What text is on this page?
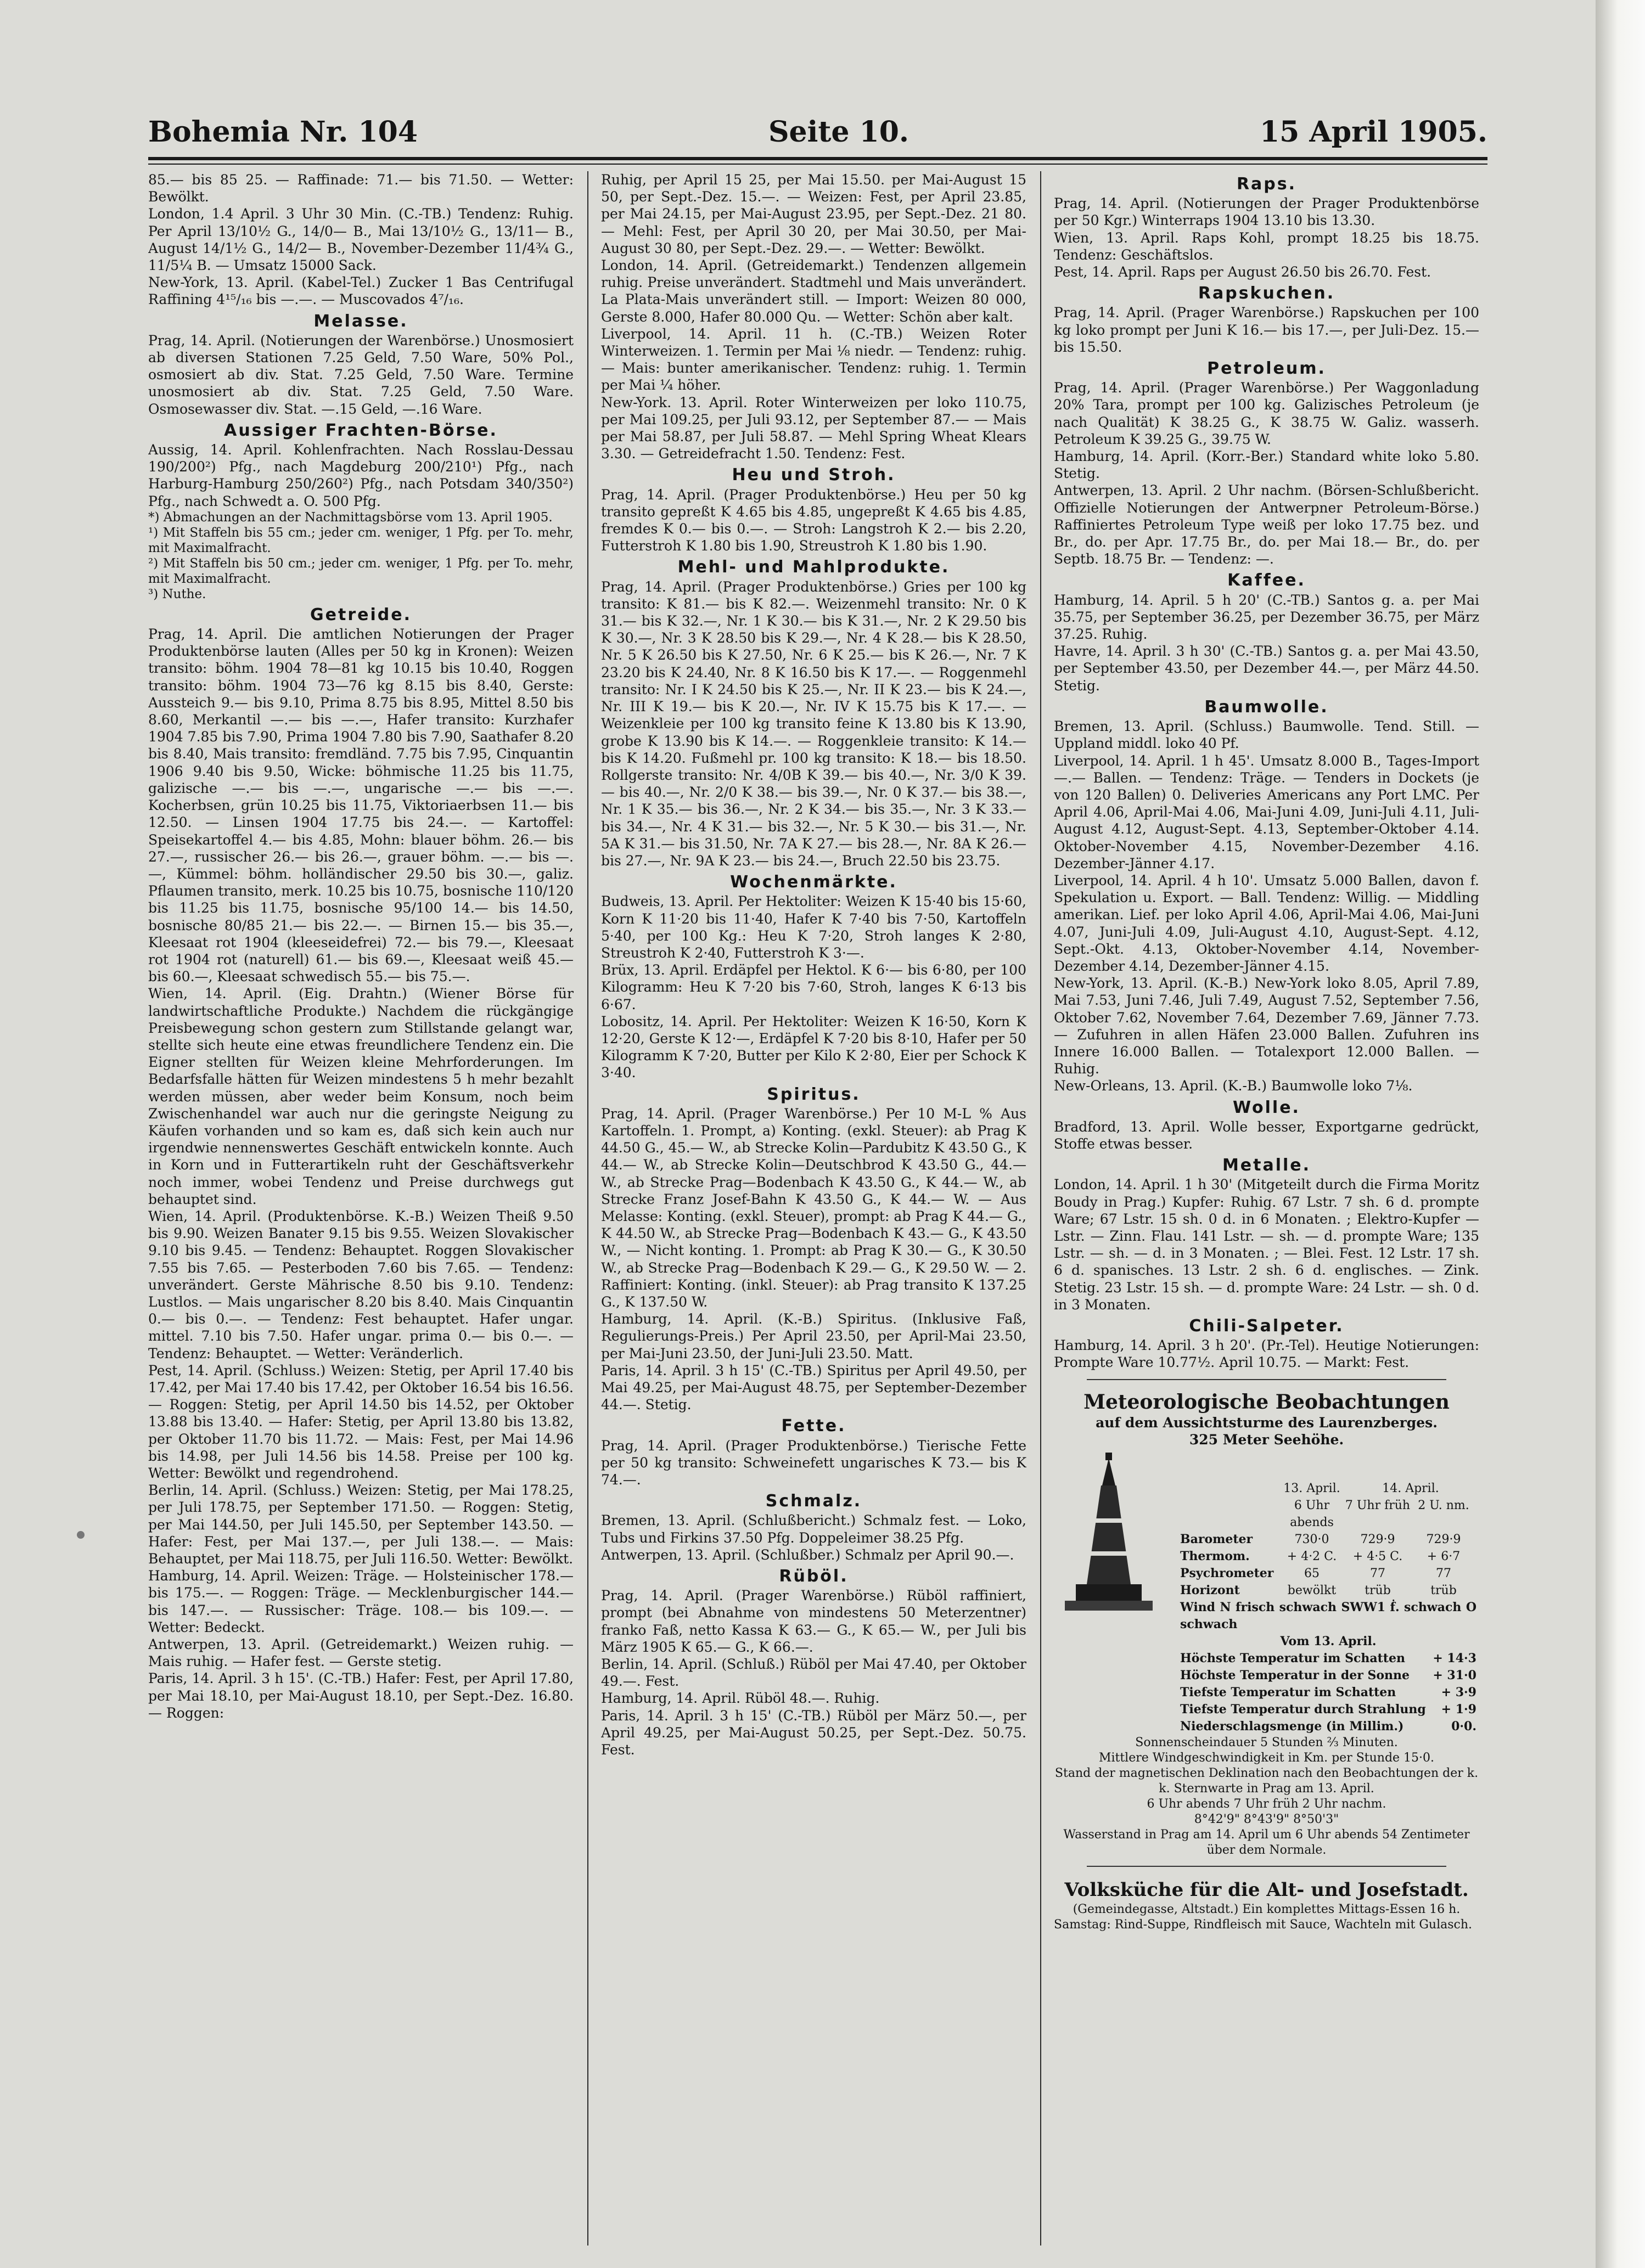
Bohemia Nr. 104	Seite 10.	15 April 1905.

85.— bis 85 25. — Raffinade: 71.— bis 71.50. — Wetter: Bewölkt.

London, 1.4 April. 3 Uhr 30 Min. (C.-TB.) Tendenz: Ruhig. Per April 13/10½ G., 14/0— B., Mai 13/10½ G., 13/11— B., August 14/1½ G., 14/2— B., November-Dezember 11/4¾ G., 11/5¼ B. — Umsatz 15000 Sack.

New-York, 13. April. (Kabel-Tel.) Zucker 1 Bas Centrifugal Raffining 4¹⁵/₁₆ bis —.—. — Muscovados 4⁷/₁₆.

Melasse.

Prag, 14. April. (Notierungen der Warenbörse.) Unosmosiert ab diversen Stationen 7.25 Geld, 7.50 Ware, 50% Pol., osmosiert ab div. Stat. 7.25 Geld, 7.50 Ware. Termine unosmosiert ab div. Stat. 7.25 Geld, 7.50 Ware. Osmosewasser div. Stat. —.15 Geld, —.16 Ware.

Aussiger Frachten-Börse.

Aussig, 14. April. Kohlenfrachten. Nach Rosslau-Dessau 190/200²) Pfg., nach Magdeburg 200/210¹) Pfg., nach Harburg-Hamburg 250/260²) Pfg., nach Potsdam 340/350²) Pfg., nach Schwedt a. O. 500 Pfg.

*) Abmachungen an der Nachmittagsbörse vom 13. April 1905.

¹) Mit Staffeln bis 55 cm.; jeder cm. weniger, 1 Pfg. per To. mehr, mit Maximalfracht.

²) Mit Staffeln bis 50 cm.; jeder cm. weniger, 1 Pfg. per To. mehr, mit Maximalfracht.

³) Nuthe.

Getreide.

Prag, 14. April. Die amtlichen Notierungen der Prager Produktenbörse lauten (Alles per 50 kg in Kronen): Weizen transito: böhm. 1904 78—81 kg 10.15 bis 10.40, Roggen transito: böhm. 1904 73—76 kg 8.15 bis 8.40, Gerste: Aussteich 9.— bis 9.10, Prima 8.75 bis 8.95, Mittel 8.50 bis 8.60, Merkantil —.— bis —.—, Hafer transito: Kurzhafer 1904 7.85 bis 7.90, Prima 1904 7.80 bis 7.90, Saathafer 8.20 bis 8.40, Mais transito: fremdländ. 7.75 bis 7.95, Cinquantin 1906 9.40 bis 9.50, Wicke: böhmische 11.25 bis 11.75, galizische —.— bis —.—, ungarische —.— bis —.—. Kocherbsen, grün 10.25 bis 11.75, Viktoriaerbsen 11.— bis 12.50. — Linsen 1904 17.75 bis 24.—. — Kartoffel: Speisekartoffel 4.— bis 4.85, Mohn: blauer böhm. 26.— bis 27.—, russischer 26.— bis 26.—, grauer böhm. —.— bis —.—, Kümmel: böhm. holländischer 29.50 bis 30.—, galiz. Pflaumen transito, merk. 10.25 bis 10.75, bosnische 110/120 bis 11.25 bis 11.75, bosnische 95/100 14.— bis 14.50, bosnische 80/85 21.— bis 22.—. — Birnen 15.— bis 35.—, Kleesaat rot 1904 (kleeseidefrei) 72.— bis 79.—, Kleesaat rot 1904 rot (naturell) 61.— bis 69.—, Kleesaat weiß 45.— bis 60.—, Kleesaat schwedisch 55.— bis 75.—.

Wien, 14. April. (Eig. Drahtn.) (Wiener Börse für landwirtschaftliche Produkte.) Nachdem die rückgängige Preisbewegung schon gestern zum Stillstande gelangt war, stellte sich heute eine etwas freundlichere Tendenz ein. Die Eigner stellten für Weizen kleine Mehrforderungen. Im Bedarfsfalle hätten für Weizen mindestens 5 h mehr bezahlt werden müssen, aber weder beim Konsum, noch beim Zwischenhandel war auch nur die geringste Neigung zu Käufen vorhanden und so kam es, daß sich kein auch nur irgendwie nennenswertes Geschäft entwickeln konnte. Auch in Korn und in Futterartikeln ruht der Geschäftsverkehr noch immer, wobei Tendenz und Preise durchwegs gut behauptet sind.

Wien, 14. April. (Produktenbörse. K.-B.) Weizen Theiß 9.50 bis 9.90. Weizen Banater 9.15 bis 9.55. Weizen Slovakischer 9.10 bis 9.45. — Tendenz: Behauptet. Roggen Slovakischer 7.55 bis 7.65. — Pesterboden 7.60 bis 7.65. — Tendenz: unverändert. Gerste Mährische 8.50 bis 9.10. Tendenz: Lustlos. — Mais ungarischer 8.20 bis 8.40. Mais Cinquantin 0.— bis 0.—. — Tendenz: Fest behauptet. Hafer ungar. mittel. 7.10 bis 7.50. Hafer ungar. prima 0.— bis 0.—. — Tendenz: Behauptet. — Wetter: Veränderlich.

Pest, 14. April. (Schluss.) Weizen: Stetig, per April 17.40 bis 17.42, per Mai 17.40 bis 17.42, per Oktober 16.54 bis 16.56. — Roggen: Stetig, per April 14.50 bis 14.52, per Oktober 13.88 bis 13.40. — Hafer: Stetig, per April 13.80 bis 13.82, per Oktober 11.70 bis 11.72. — Mais: Fest, per Mai 14.96 bis 14.98, per Juli 14.56 bis 14.58. Preise per 100 kg. Wetter: Bewölkt und regendrohend.

Berlin, 14. April. (Schluss.) Weizen: Stetig, per Mai 178.25, per Juli 178.75, per September 171.50. — Roggen: Stetig, per Mai 144.50, per Juli 145.50, per September 143.50. — Hafer: Fest, per Mai 137.—, per Juli 138.—. — Mais: Behauptet, per Mai 118.75, per Juli 116.50. Wetter: Bewölkt.

Hamburg, 14. April. Weizen: Träge. — Holsteinischer 178.— bis 175.—. — Roggen: Träge. — Mecklenburgischer 144.— bis 147.—. — Russischer: Träge. 108.— bis 109.—. — Wetter: Bedeckt.

Antwerpen, 13. April. (Getreidemarkt.) Weizen ruhig. — Mais ruhig. — Hafer fest. — Gerste stetig.

Paris, 14. April. 3 h 15'. (C.-TB.) Hafer: Fest, per April 17.80, per Mai 18.10, per Mai-August 18.10, per Sept.-Dez. 16.80. — Roggen:

Ruhig, per April 15 25, per Mai 15.50. per Mai-August 15 50, per Sept.-Dez. 15.—. — Weizen: Fest, per April 23.85, per Mai 24.15, per Mai-August 23.95, per Sept.-Dez. 21 80. — Mehl: Fest, per April 30 20, per Mai 30.50, per Mai-August 30 80, per Sept.-Dez. 29.—. — Wetter: Bewölkt.

London, 14. April. (Getreidemarkt.) Tendenzen allgemein ruhig. Preise unverändert. Stadtmehl und Mais unverändert. La Plata-Mais unverändert still. — Import: Weizen 80 000, Gerste 8.000, Hafer 80.000 Qu. — Wetter: Schön aber kalt.

Liverpool, 14. April. 11 h. (C.-TB.) Weizen Roter Winterweizen. 1. Termin per Mai ⅛ niedr. — Tendenz: ruhig. — Mais: bunter amerikanischer. Tendenz: ruhig. 1. Termin per Mai ¼ höher.

New-York. 13. April. Roter Winterweizen per loko 110.75, per Mai 109.25, per Juli 93.12, per September 87.— — Mais per Mai 58.87, per Juli 58.87. — Mehl Spring Wheat Klears 3.30. — Getreidefracht 1.50. Tendenz: Fest.

Heu und Stroh.

Prag, 14. April. (Prager Produktenbörse.) Heu per 50 kg transito gepreßt K 4.65 bis 4.85, ungepreßt K 4.65 bis 4.85, fremdes K 0.— bis 0.—. — Stroh: Langstroh K 2.— bis 2.20, Futterstroh K 1.80 bis 1.90, Streustroh K 1.80 bis 1.90.

Mehl- und Mahlprodukte.

Prag, 14. April. (Prager Produktenbörse.) Gries per 100 kg transito: K 81.— bis K 82.—. Weizenmehl transito: Nr. 0 K 31.— bis K 32.—, Nr. 1 K 30.— bis K 31.—, Nr. 2 K 29.50 bis K 30.—, Nr. 3 K 28.50 bis K 29.—, Nr. 4 K 28.— bis K 28.50, Nr. 5 K 26.50 bis K 27.50, Nr. 6 K 25.— bis K 26.—, Nr. 7 K 23.20 bis K 24.40, Nr. 8 K 16.50 bis K 17.—. — Roggenmehl transito: Nr. I K 24.50 bis K 25.—, Nr. II K 23.— bis K 24.—, Nr. III K 19.— bis K 20.—, Nr. IV K 15.75 bis K 17.—. — Weizenkleie per 100 kg transito feine K 13.80 bis K 13.90, grobe K 13.90 bis K 14.—. — Roggenkleie transito: K 14.— bis K 14.20. Fußmehl pr. 100 kg transito: K 18.— bis 18.50. Rollgerste transito: Nr. 4/0B K 39.— bis 40.—, Nr. 3/0 K 39.— bis 40.—, Nr. 2/0 K 38.— bis 39.—, Nr. 0 K 37.— bis 38.—, Nr. 1 K 35.— bis 36.—, Nr. 2 K 34.— bis 35.—, Nr. 3 K 33.— bis 34.—, Nr. 4 K 31.— bis 32.—, Nr. 5 K 30.— bis 31.—, Nr. 5A K 31.— bis 31.50, Nr. 7A K 27.— bis 28.—, Nr. 8A K 26.— bis 27.—, Nr. 9A K 23.— bis 24.—, Bruch 22.50 bis 23.75.

Wochenmärkte.

Budweis, 13. April. Per Hektoliter: Weizen K 15·40 bis 15·60, Korn K 11·20 bis 11·40, Hafer K 7·40 bis 7·50, Kartoffeln 5·40, per 100 Kg.: Heu K 7·20, Stroh langes K 2·80, Streustroh K 2·40, Futterstroh K 3·—.

Brüx, 13. April. Erdäpfel per Hektol. K 6·— bis 6·80, per 100 Kilogramm: Heu K 7·20 bis 7·60, Stroh, langes K 6·13 bis 6·67.

Lobositz, 14. April. Per Hektoliter: Weizen K 16·50, Korn K 12·20, Gerste K 12·—, Erdäpfel K 7·20 bis 8·10, Hafer per 50 Kilogramm K 7·20, Butter per Kilo K 2·80, Eier per Schock K 3·40.

Spiritus.

Prag, 14. April. (Prager Warenbörse.) Per 10 M-L % Aus Kartoffeln. 1. Prompt, a) Konting. (exkl. Steuer): ab Prag K 44.50 G., 45.— W., ab Strecke Kolin—Pardubitz K 43.50 G., K 44.— W., ab Strecke Kolin—Deutschbrod K 43.50 G., 44.— W., ab Strecke Prag—Bodenbach K 43.50 G., K 44.— W., ab Strecke Franz Josef-Bahn K 43.50 G., K 44.— W. — Aus Melasse: Konting. (exkl. Steuer), prompt: ab Prag K 44.— G., K 44.50 W., ab Strecke Prag—Bodenbach K 43.— G., K 43.50 W., — Nicht konting. 1. Prompt: ab Prag K 30.— G., K 30.50 W., ab Strecke Prag—Bodenbach K 29.— G., K 29.50 W. — 2. Raffiniert: Konting. (inkl. Steuer): ab Prag transito K 137.25 G., K 137.50 W.

Hamburg, 14. April. (K.-B.) Spiritus. (Inklusive Faß, Regulierungs-Preis.) Per April 23.50, per April-Mai 23.50, per Mai-Juni 23.50, der Juni-Juli 23.50. Matt.

Paris, 14. April. 3 h 15' (C.-TB.) Spiritus per April 49.50, per Mai 49.25, per Mai-August 48.75, per September-Dezember 44.—. Stetig.

Fette.

Prag, 14. April. (Prager Produktenbörse.) Tierische Fette per 50 kg transito: Schweinefett ungarisches K 73.— bis K 74.—.

Schmalz.

Bremen, 13. April. (Schlußbericht.) Schmalz fest. — Loko, Tubs und Firkins 37.50 Pfg. Doppeleimer 38.25 Pfg.

Antwerpen, 13. April. (Schlußber.) Schmalz per April 90.—.

Rüböl.

Prag, 14. April. (Prager Warenbörse.) Rüböl raffiniert, prompt (bei Abnahme von mindestens 50 Meterzentner) franko Faß, netto Kassa K 63.— G., K 65.— W., per Juli bis März 1905 K 65.— G., K 66.—.

Berlin, 14. April. (Schluß.) Rüböl per Mai 47.40, per Oktober 49.—. Fest.

Hamburg, 14. April. Rüböl 48.—. Ruhig.

Paris, 14. April. 3 h 15' (C.-TB.) Rüböl per März 50.—, per April 49.25, per Mai-August 50.25, per Sept.-Dez. 50.75. Fest.

Raps.

Prag, 14. April. (Notierungen der Prager Produktenbörse per 50 Kgr.) Winterraps 1904 13.10 bis 13.30.

Wien, 13. April. Raps Kohl, prompt 18.25 bis 18.75. Tendenz: Geschäftslos.

Pest, 14. April. Raps per August 26.50 bis 26.70. Fest.

Rapskuchen.

Prag, 14. April. (Prager Warenbörse.) Rapskuchen per 100 kg loko prompt per Juni K 16.— bis 17.—, per Juli-Dez. 15.— bis 15.50.

Petroleum.

Prag, 14. April. (Prager Warenbörse.) Per Waggonladung 20% Tara, prompt per 100 kg. Galizisches Petroleum (je nach Qualität) K 38.25 G., K 38.75 W. Galiz. wasserh. Petroleum K 39.25 G., 39.75 W.

Hamburg, 14. April. (Korr.-Ber.) Standard white loko 5.80. Stetig.

Antwerpen, 13. April. 2 Uhr nachm. (Börsen-Schlußbericht. Offizielle Notierungen der Antwerpner Petroleum-Börse.) Raffiniertes Petroleum Type weiß per loko 17.75 bez. und Br., do. per Apr. 17.75 Br., do. per Mai 18.— Br., do. per Septb. 18.75 Br. — Tendenz: —.

Kaffee.

Hamburg, 14. April. 5 h 20' (C.-TB.) Santos g. a. per Mai 35.75, per September 36.25, per Dezember 36.75, per März 37.25. Ruhig.

Havre, 14. April. 3 h 30' (C.-TB.) Santos g. a. per Mai 43.50, per September 43.50, per Dezember 44.—, per März 44.50. Stetig.

Baumwolle.

Bremen, 13. April. (Schluss.) Baumwolle. Tend. Still. — Uppland middl. loko 40 Pf.

Liverpool, 14. April. 1 h 45'. Umsatz 8.000 B., Tages-Import —.— Ballen. — Tendenz: Träge. — Tenders in Dockets (je von 120 Ballen) 0. Deliveries Americans any Port LMC. Per April 4.06, April-Mai 4.06, Mai-Juni 4.09, Juni-Juli 4.11, Juli-August 4.12, August-Sept. 4.13, September-Oktober 4.14. Oktober-November 4.15, November-Dezember 4.16. Dezember-Jänner 4.17.

Liverpool, 14. April. 4 h 10'. Umsatz 5.000 Ballen, davon f. Spekulation u. Export. — Ball. Tendenz: Willig. — Middling amerikan. Lief. per loko April 4.06, April-Mai 4.06, Mai-Juni 4.07, Juni-Juli 4.09, Juli-August 4.10, August-Sept. 4.12, Sept.-Okt. 4.13, Oktober-November 4.14, November-Dezember 4.14, Dezember-Jänner 4.15.

New-York, 13. April. (K.-B.) New-York loko 8.05, April 7.89, Mai 7.53, Juni 7.46, Juli 7.49, August 7.52, September 7.56, Oktober 7.62, November 7.64, Dezember 7.69, Jänner 7.73. — Zufuhren in allen Häfen 23.000 Ballen. Zufuhren ins Innere 16.000 Ballen. — Totalexport 12.000 Ballen. — Ruhig.

New-Orleans, 13. April. (K.-B.) Baumwolle loko 7⅛.

Wolle.

Bradford, 13. April. Wolle besser, Exportgarne gedrückt, Stoffe etwas besser.

Metalle.

London, 14. April. 1 h 30' (Mitgeteilt durch die Firma Moritz Boudy in Prag.) Kupfer: Ruhig. 67 Lstr. 7 sh. 6 d. prompte Ware; 67 Lstr. 15 sh. 0 d. in 6 Monaten. ; Elektro-Kupfer — Lstr. — Zinn. Flau. 141 Lstr. — sh. — d. prompte Ware; 135 Lstr. — sh. — d. in 3 Monaten. ; — Blei. Fest. 12 Lstr. 17 sh. 6 d. spanisches. 13 Lstr. 2 sh. 6 d. englisches. — Zink. Stetig. 23 Lstr. 15 sh. — d. prompte Ware: 24 Lstr. — sh. 0 d. in 3 Monaten.

Chili-Salpeter.

Hamburg, 14. April. 3 h 20'. (Pr.-Tel). Heutige Notierungen: Prompte Ware 10.77½. April 10.75. — Markt: Fest.

Meteorologische Beobachtungen
auf dem Aussichtsturme des Laurenzberges.
325 Meter Seehöhe.
13. April.	14. April.
6 Uhr abends
7 Uhr früh 2 U. nm.
Barometer	730·0	729·9	729·9
Thermom.	+ 4·2 C.	+ 4·5 C.	+ 6·7
Psychrometer	65	77	77
Horizont	bewölkt	trüb	trüb
Wind N frisch schwach SWW1 ḟ. schwach O schwach
Vom 13. April.
Höchste Temperatur im Schatten + 14·3
Höchste Temperatur in der Sonne + 31·0
Tiefste Temperatur im Schatten	+ 3·9
Tiefste Temperatur durch Strahlung + 1·9
Niederschlagsmenge (in Millim.)	0·0.

Sonnenscheindauer 5 Stunden ⅔ Minuten.

Mittlere Windgeschwindigkeit in Km. per Stunde 15·0.

Stand der magnetischen Deklination nach den Beobachtungen der k. k. Sternwarte in Prag am 13. April.

6 Uhr abends 7 Uhr früh 2 Uhr nachm.

8°42'9" 8°43'9" 8°50'3"

Wasserstand in Prag am 14. April um 6 Uhr abends 54 Zentimeter über dem Normale.

Volksküche für die Alt- und Josefstadt.
(Gemeindegasse, Altstadt.) Ein komplettes Mittags-Essen 16 h.
Samstag: Rind-Suppe, Rindfleisch mit Sauce, Wachteln mit Gulasch.
